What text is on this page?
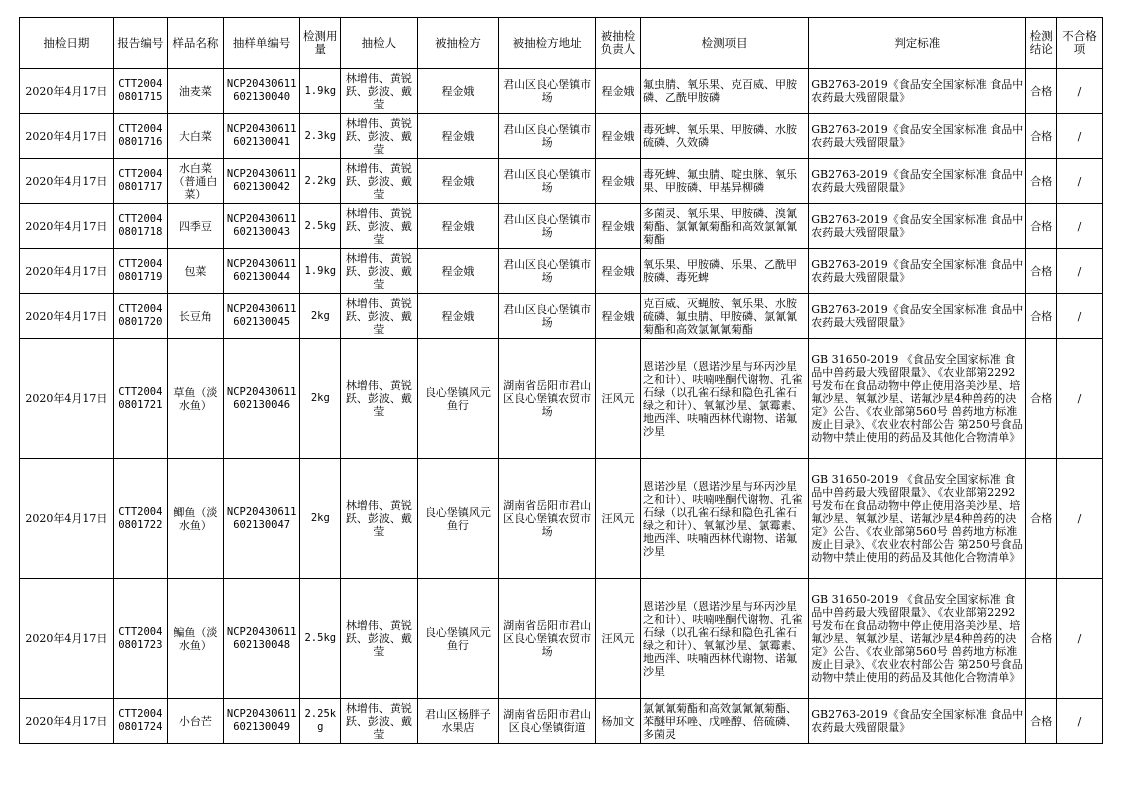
抽检日期	报告编号	样品名称	抽样单编号	检测用量	抽检人	被抽检方	被抽检方地址	被抽检负责人	检测项目	判定标准	检测结论	不合格项
2020年4月17日	CTT20040801715	油麦菜	NCP20430611602130040	1.9kg	林增伟、黄锐跃、彭波、戴莹	程金娥	君山区良心堡镇市场	程金娥	氟虫腈、氧乐果、克百威、甲胺磷、乙酰甲胺磷	GB2763-2019《食品安全国家标准 食品中农药最大残留限量》	合格	/
2020年4月17日	CTT20040801716	大白菜	NCP20430611602130041	2.3kg	林增伟、黄锐跃、彭波、戴莹	程金娥	君山区良心堡镇市场	程金娥	毒死蜱、氧乐果、甲胺磷、水胺硫磷、久效磷	GB2763-2019《食品安全国家标准 食品中农药最大残留限量》	合格	/
2020年4月17日	CTT20040801717	水白菜（普通白菜）	NCP20430611602130042	2.2kg	林增伟、黄锐跃、彭波、戴莹	程金娥	君山区良心堡镇市场	程金娥	毒死蜱、氟虫腈、啶虫脒、氧乐果、甲胺磷、甲基异柳磷	GB2763-2019《食品安全国家标准 食品中农药最大残留限量》	合格	/
2020年4月17日	CTT20040801718	四季豆	NCP20430611602130043	2.5kg	林增伟、黄锐跃、彭波、戴莹	程金娥	君山区良心堡镇市场	程金娥	多菌灵、氧乐果、甲胺磷、溴氰菊酯、氯氰氰菊酯和高效氯氰氰菊酯	GB2763-2019《食品安全国家标准 食品中农药最大残留限量》	合格	/
2020年4月17日	CTT20040801719	包菜	NCP20430611602130044	1.9kg	林增伟、黄锐跃、彭波、戴莹	程金娥	君山区良心堡镇市场	程金娥	氧乐果、甲胺磷、乐果、乙酰甲胺磷、毒死蜱	GB2763-2019《食品安全国家标准 食品中农药最大残留限量》	合格	/
2020年4月17日	CTT20040801720	长豆角	NCP20430611602130045	2kg	林增伟、黄锐跃、彭波、戴莹	程金娥	君山区良心堡镇市场	程金娥	克百威、灭蝇胺、氧乐果、水胺硫磷、氟虫腈、甲胺磷、氯氰氰菊酯和高效氯氰氰菊酯	GB2763-2019《食品安全国家标准 食品中农药最大残留限量》	合格	/
2020年4月17日	CTT20040801721	草鱼（淡水鱼）	NCP20430611602130046	2kg	林增伟、黄锐跃、彭波、戴莹	良心堡镇风元鱼行	湖南省岳阳市君山区良心堡镇农贸市场	汪风元	恩诺沙星（恩诺沙星与环丙沙星之和计）、呋喃唑酮代谢物、孔雀石绿（以孔雀石绿和隐色孔雀石绿之和计）、氧氟沙星、氯霉素、地西泮、呋喃西林代谢物、诺氟沙星	GB 31650-2019 《食品安全国家标准 食品中兽药最大残留限量》、《农业部第2292号发布在食品动物中停止使用洛美沙星、培氟沙星、氧氟沙星、诺氟沙星4种兽药的决定》公告、《农业部第560号 兽药地方标准废止目录》、《农业农村部公告 第250号食品动物中禁止使用的药品及其他化合物清单》	合格	/
2020年4月17日	CTT20040801722	鲫鱼（淡水鱼）	NCP20430611602130047	2kg	林增伟、黄锐跃、彭波、戴莹	良心堡镇风元鱼行	湖南省岳阳市君山区良心堡镇农贸市场	汪风元	恩诺沙星（恩诺沙星与环丙沙星之和计）、呋喃唑酮代谢物、孔雀石绿（以孔雀石绿和隐色孔雀石绿之和计）、氧氟沙星、氯霉素、地西泮、呋喃西林代谢物、诺氟沙星	GB 31650-2019 《食品安全国家标准 食品中兽药最大残留限量》、《农业部第2292号发布在食品动物中停止使用洛美沙星、培氟沙星、氧氟沙星、诺氟沙星4种兽药的决定》公告、《农业部第560号 兽药地方标准废止目录》、《农业农村部公告 第250号食品动物中禁止使用的药品及其他化合物清单》	合格	/
2020年4月17日	CTT20040801723	鳊鱼（淡水鱼）	NCP20430611602130048	2.5kg	林增伟、黄锐跃、彭波、戴莹	良心堡镇风元鱼行	湖南省岳阳市君山区良心堡镇农贸市场	汪风元	恩诺沙星（恩诺沙星与环丙沙星之和计）、呋喃唑酮代谢物、孔雀石绿（以孔雀石绿和隐色孔雀石绿之和计）、氧氟沙星、氯霉素、地西泮、呋喃西林代谢物、诺氟沙星	GB 31650-2019 《食品安全国家标准 食品中兽药最大残留限量》、《农业部第2292号发布在食品动物中停止使用洛美沙星、培氟沙星、氧氟沙星、诺氟沙星4种兽药的决定》公告、《农业部第560号 兽药地方标准废止目录》、《农业农村部公告 第250号食品动物中禁止使用的药品及其他化合物清单》	合格	/
2020年4月17日	CTT20040801724	小台芒	NCP20430611602130049	2.25kg	林增伟、黄锐跃、彭波、戴莹	君山区杨胖子水果店	湖南省岳阳市君山区良心堡镇街道	杨加文	氯氰氰菊酯和高效氯氰氰菊酯、苯醚甲环唑、戊唑醇、倍硫磷、多菌灵	GB2763-2019《食品安全国家标准 食品中农药最大残留限量》	合格	/
